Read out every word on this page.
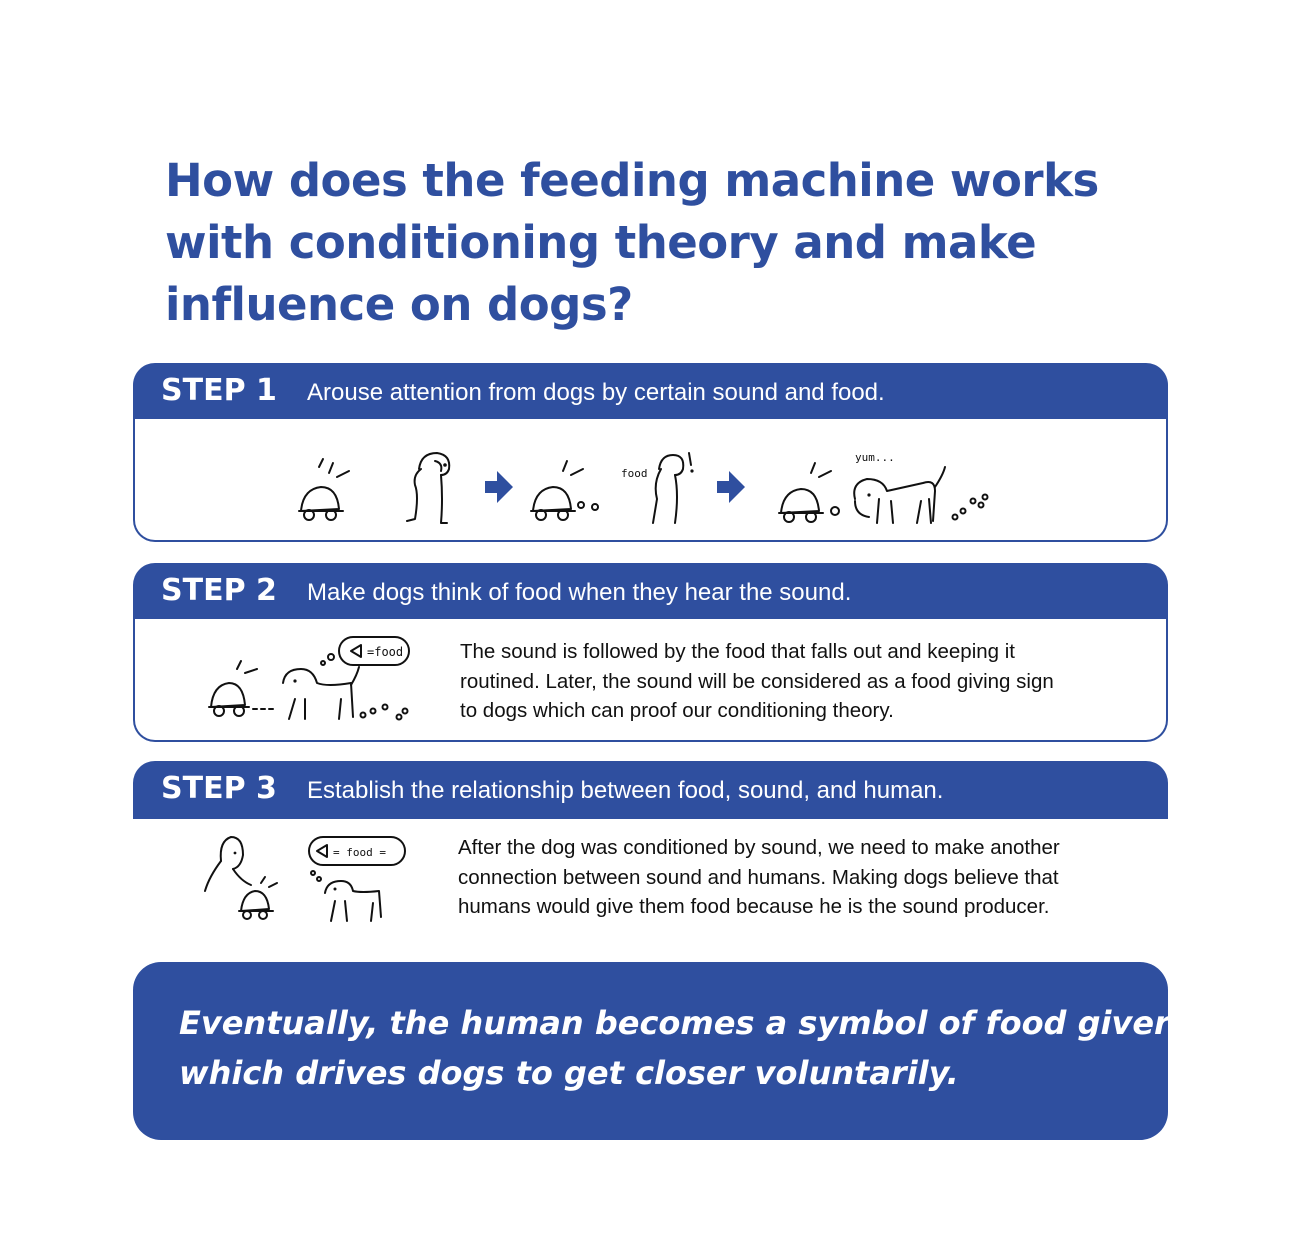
How does the feeding machine works
with conditioning theory and make
influence on dogs?
STEP 1 Arouse attention from dogs by certain sound and food.
food
yum...
STEP 2 Make dogs think of food when they hear the sound.
=food	The sound is followed by the food that falls out and keeping it
routined. Later, the sound will be considered as a food giving sign
to dogs which can proof our conditioning theory.
STEP 3 Establish the relationship between food, sound, and human.
= food =	After the dog was conditioned by sound, we need to make another
connection between sound and humans. Making dogs believe that
humans would give them food because he is the sound producer.
Eventually, the human becomes a symbol of food giver
which drives dogs to get closer voluntarily.
